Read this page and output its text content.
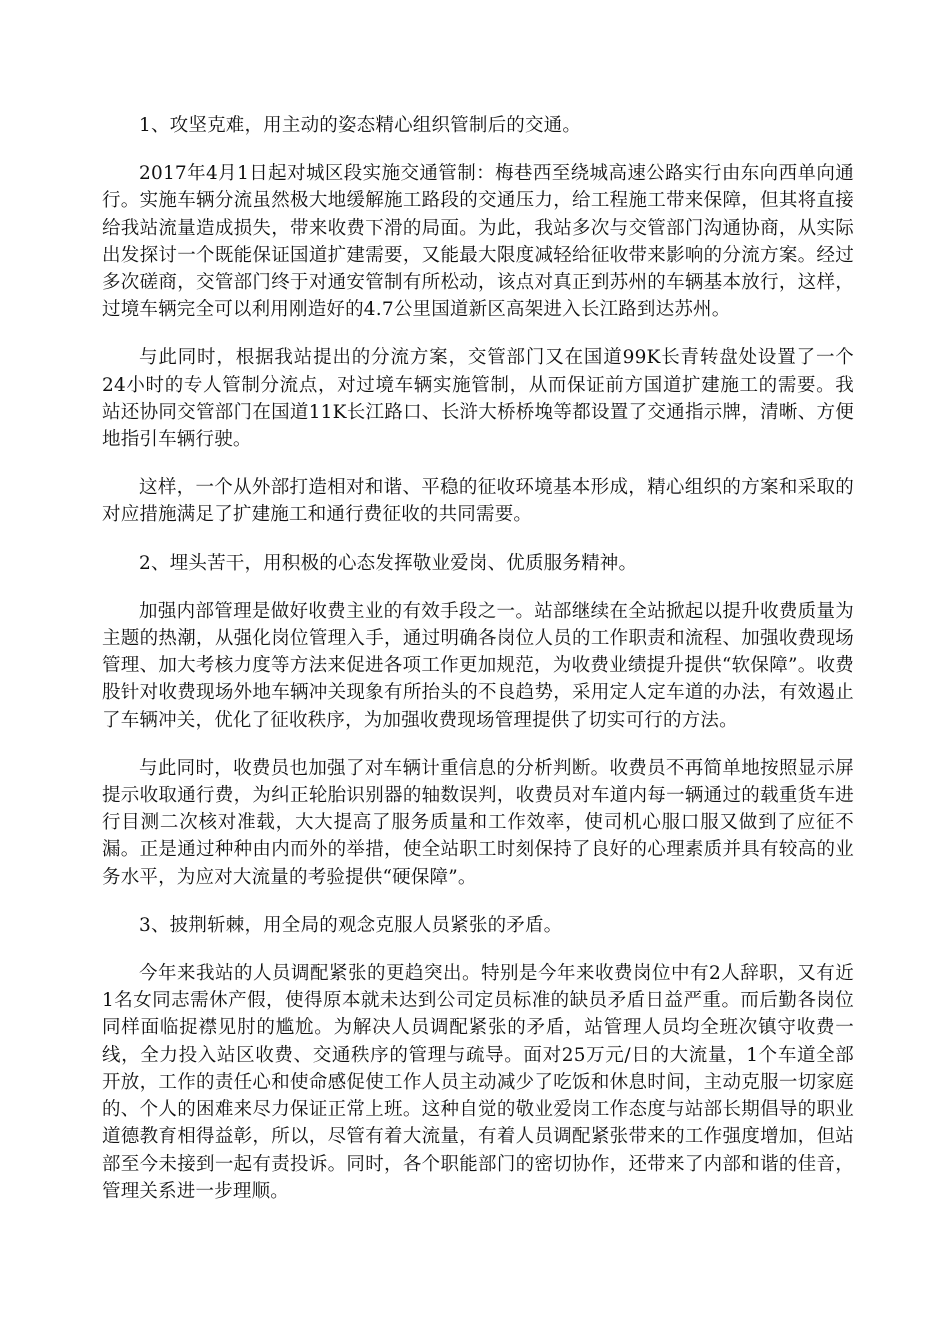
1、攻坚克难，用主动的姿态精心组织管制后的交通。

2017年4月1日起对城区段实施交通管制：梅巷西至绕城高速公路实行由东向西单向通行。实施车辆分流虽然极大地缓解施工路段的交通压力，给工程施工带来保障，但其将直接给我站流量造成损失，带来收费下滑的局面。为此，我站多次与交管部门沟通协商，从实际出发探讨一个既能保证国道扩建需要，又能最大限度减轻给征收带来影响的分流方案。经过多次磋商，交管部门终于对通安管制有所松动，该点对真正到苏州的车辆基本放行，这样，过境车辆完全可以利用刚造好的4.7公里国道新区高架进入长江路到达苏州。

与此同时，根据我站提出的分流方案，交管部门又在国道99K长青转盘处设置了一个24小时的专人管制分流点，对过境车辆实施管制，从而保证前方国道扩建施工的需要。我站还协同交管部门在国道11K长江路口、长浒大桥桥堍等都设置了交通指示牌，清晰、方便地指引车辆行驶。

这样，一个从外部打造相对和谐、平稳的征收环境基本形成，精心组织的方案和采取的对应措施满足了扩建施工和通行费征收的共同需要。

2、埋头苦干，用积极的心态发挥敬业爱岗、优质服务精神。

加强内部管理是做好收费主业的有效手段之一。站部继续在全站掀起以提升收费质量为主题的热潮，从强化岗位管理入手，通过明确各岗位人员的工作职责和流程、加强收费现场管理、加大考核力度等方法来促进各项工作更加规范，为收费业绩提升提供“软保障”。收费股针对收费现场外地车辆冲关现象有所抬头的不良趋势，采用定人定车道的办法，有效遏止了车辆冲关，优化了征收秩序，为加强收费现场管理提供了切实可行的方法。

与此同时，收费员也加强了对车辆计重信息的分析判断。收费员不再简单地按照显示屏提示收取通行费，为纠正轮胎识别器的轴数误判，收费员对车道内每一辆通过的载重货车进行目测二次核对准载，大大提高了服务质量和工作效率，使司机心服口服又做到了应征不漏。正是通过种种由内而外的举措，使全站职工时刻保持了良好的心理素质并具有较高的业务水平，为应对大流量的考验提供“硬保障”。

3、披荆斩棘，用全局的观念克服人员紧张的矛盾。

今年来我站的人员调配紧张的更趋突出。特别是今年来收费岗位中有2人辞职，又有近1名女同志需休产假，使得原本就未达到公司定员标准的缺员矛盾日益严重。而后勤各岗位同样面临捉襟见肘的尴尬。为解决人员调配紧张的矛盾，站管理人员均全班次镇守收费一线，全力投入站区收费、交通秩序的管理与疏导。面对25万元/日的大流量，1个车道全部开放，工作的责任心和使命感促使工作人员主动减少了吃饭和休息时间，主动克服一切家庭的、个人的困难来尽力保证正常上班。这种自觉的敬业爱岗工作态度与站部长期倡导的职业道德教育相得益彰，所以，尽管有着大流量，有着人员调配紧张带来的工作强度增加，但站部至今未接到一起有责投诉。同时，各个职能部门的密切协作，还带来了内部和谐的佳音，管理关系进一步理顺。
